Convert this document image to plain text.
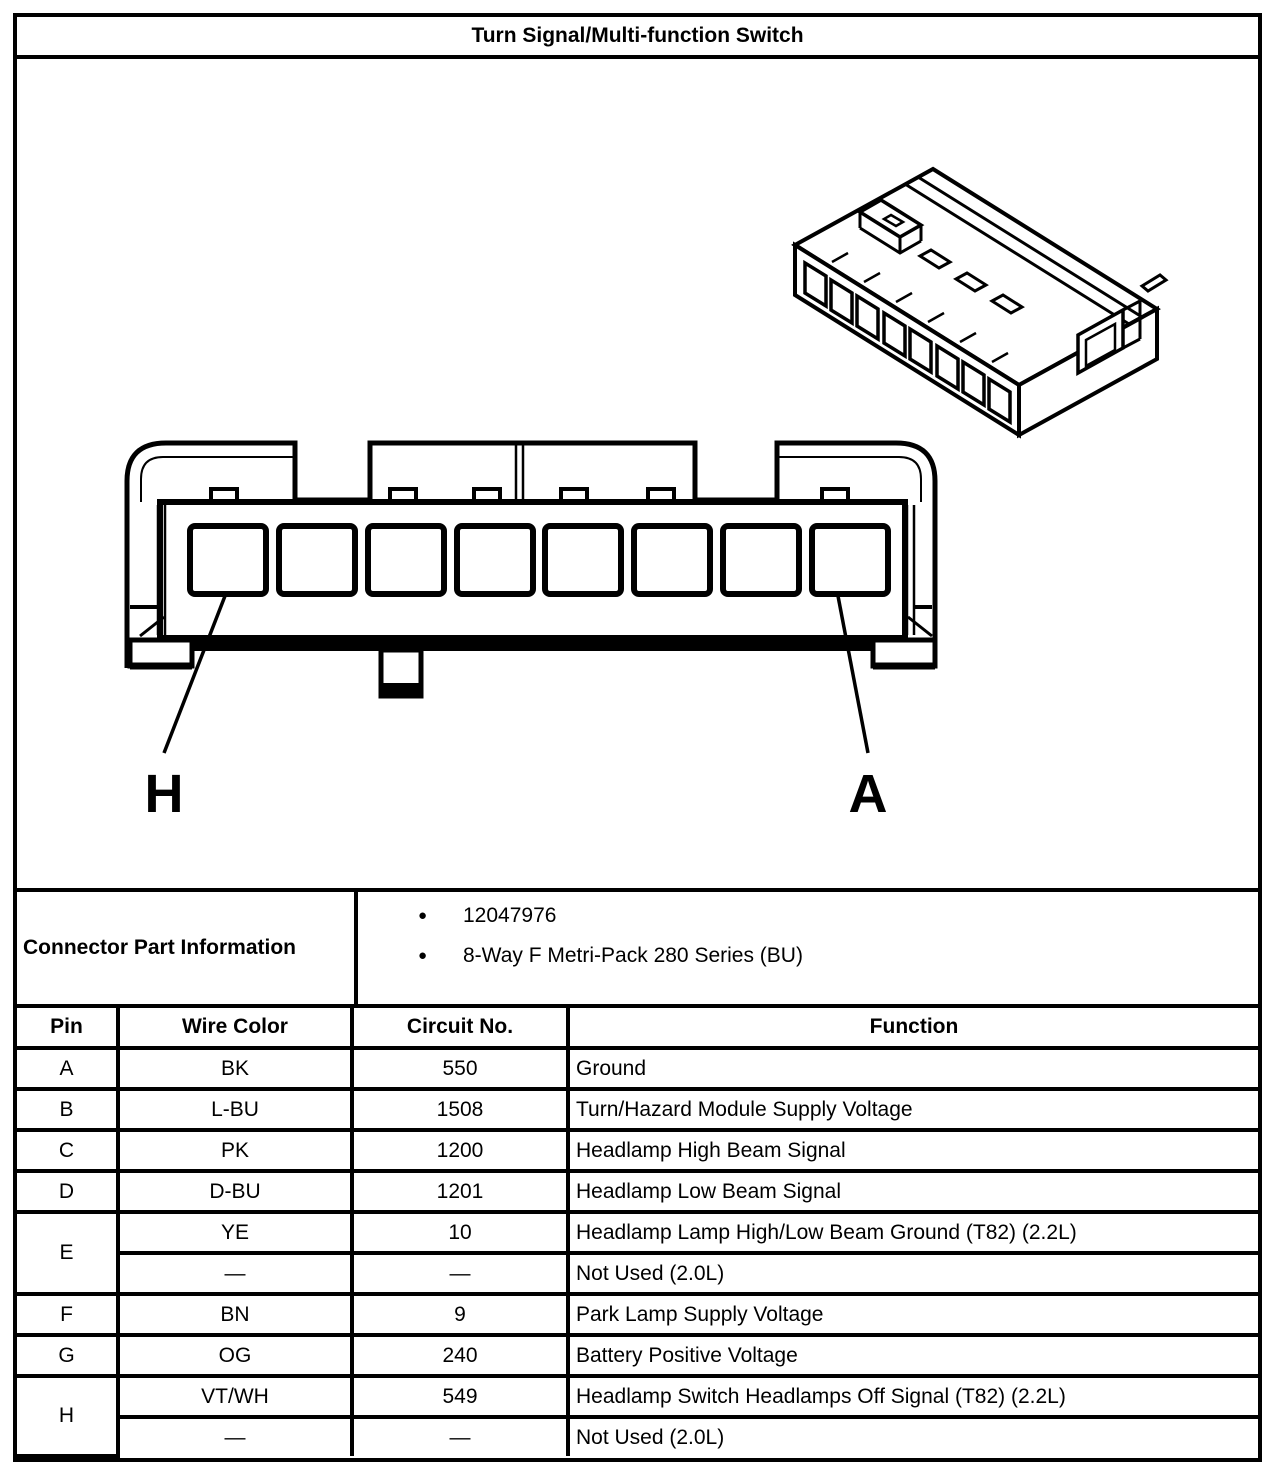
Turn Signal/Multi-function Switch
H	A
Connector Part Information
● 12047976
● 8-Way F Metri-Pack 280 Series (BU)
Pin	Wire Color	Circuit No.	Function
A	BK	550	Ground
B	L-BU	1508	Turn/Hazard Module Supply Voltage
C	PK	1200	Headlamp High Beam Signal
D	D-BU	1201	Headlamp Low Beam Signal
E	YE	10	Headlamp Lamp High/Low Beam Ground (T82) (2.2L)
	—	—	Not Used (2.0L)
F	BN	9	Park Lamp Supply Voltage
G	OG	240	Battery Positive Voltage
H	VT/WH	549	Headlamp Switch Headlamps Off Signal (T82) (2.2L)
	—	—	Not Used (2.0L)
